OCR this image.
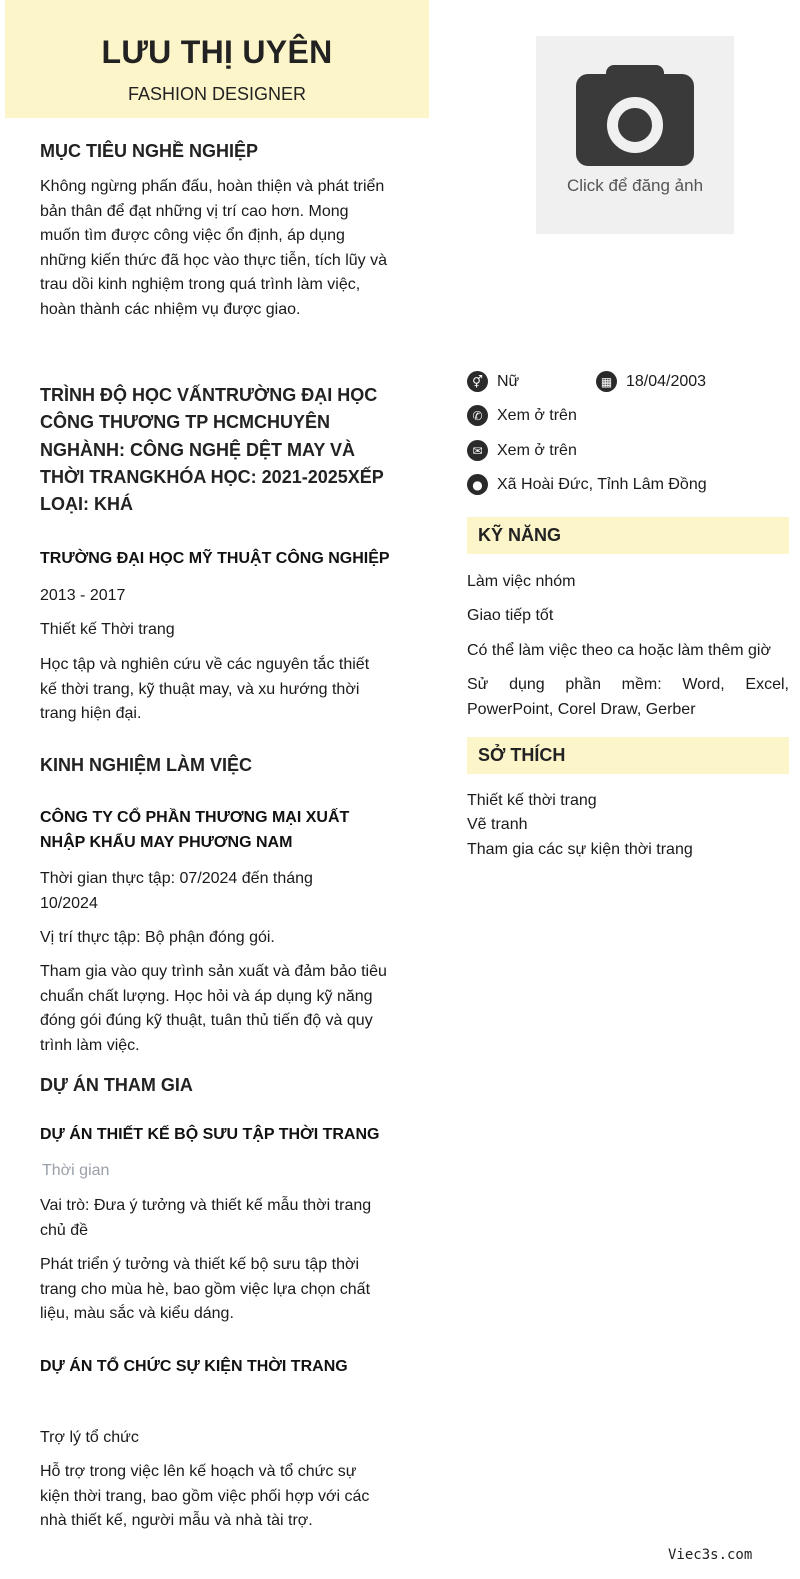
LƯU THỊ UYÊN
FASHION DESIGNER
MỤC TIÊU NGHỀ NGHIỆP
Không ngừng phấn đấu, hoàn thiện và phát triển bản thân để đạt những vị trí cao hơn. Mong muốn tìm được công việc ổn định, áp dụng những kiến thức đã học vào thực tiễn, tích lũy và trau dồi kinh nghiệm trong quá trình làm việc, hoàn thành các nhiệm vụ được giao.
TRÌNH ĐỘ HỌC VẤNTRƯỜNG ĐẠI HỌC CÔNG THƯƠNG TP HCMCHUYÊN NGHÀNH: CÔNG NGHỆ DỆT MAY VÀ THỜI TRANGKHÓA HỌC: 2021-2025XẾP LOẠI: KHÁ
TRƯỜNG ĐẠI HỌC MỸ THUẬT CÔNG NGHIỆP
2013 - 2017
Thiết kế Thời trang
Học tập và nghiên cứu về các nguyên tắc thiết kế thời trang, kỹ thuật may, và xu hướng thời trang hiện đại.
KINH NGHIỆM LÀM VIỆC
CÔNG TY CỔ PHẦN THƯƠNG MẠI XUẤT NHẬP KHẨU MAY PHƯƠNG NAM
Thời gian thực tập: 07/2024 đến tháng 10/2024
Vị trí thực tập: Bộ phận đóng gói.
Tham gia vào quy trình sản xuất và đảm bảo tiêu chuẩn chất lượng. Học hỏi và áp dụng kỹ năng đóng gói đúng kỹ thuật, tuân thủ tiến độ và quy trình làm việc.
DỰ ÁN THAM GIA
DỰ ÁN THIẾT KẾ BỘ SƯU TẬP THỜI TRANG
Thời gian
Vai trò: Đưa ý tưởng và thiết kế mẫu thời trang chủ đề
Phát triển ý tưởng và thiết kế bộ sưu tập thời trang cho mùa hè, bao gồm việc lựa chọn chất liệu, màu sắc và kiểu dáng.
DỰ ÁN TỔ CHỨC SỰ KIỆN THỜI TRANG
Trợ lý tổ chức
Hỗ trợ trong việc lên kế hoạch và tổ chức sự kiện thời trang, bao gồm việc phối hợp với các nhà thiết kế, người mẫu và nhà tài trợ.
Click để đăng ảnh
⚥ Nữ	▦ 18/04/2003
✆ Xem ở trên
✉ Xem ở trên
● Xã Hoài Đức, Tỉnh Lâm Đồng
KỸ NĂNG
Làm việc nhóm
Giao tiếp tốt
Có thể làm việc theo ca hoặc làm thêm giờ
Sử dụng phần mềm: Word, Excel, PowerPoint, Corel Draw, Gerber
SỞ THÍCH
Thiết kế thời trang
Vẽ tranh
Tham gia các sự kiện thời trang
Viec3s.com
